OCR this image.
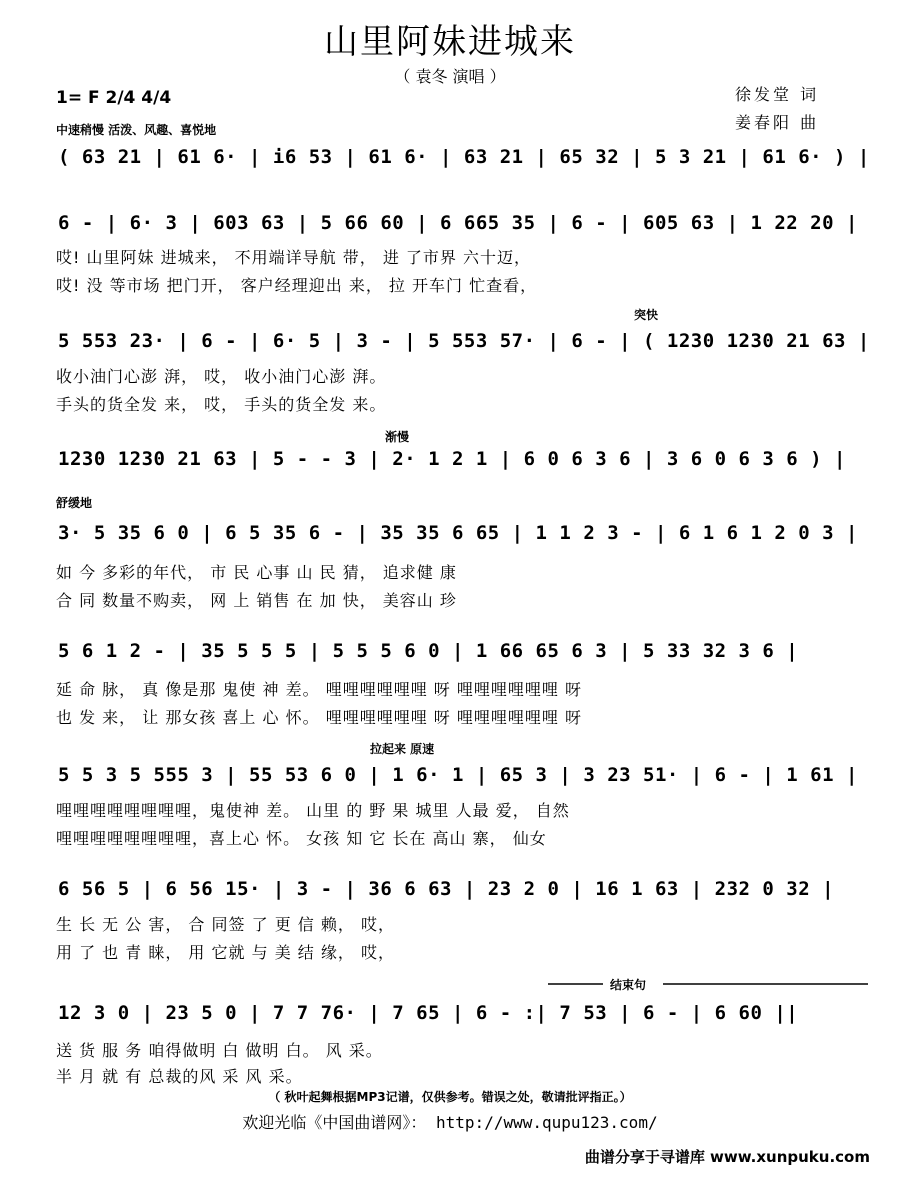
山里阿妹进城来
（ 袁冬 演唱 ）
徐发堂 词
姜春阳 曲
1= F 2/4 4/4
中速稍慢 活泼、风趣、喜悦地
( 63 21 | 61 6· | i6 53 | 61 6· | 63 21 | 65 32 | 5 3 21 | 61 6· ) |
6 - | 6· 3 | 603 63 | 5 66 60 | 6 665 35 | 6 - | 605 63 | 1 22 20 |
哎! 山里阿妹 进城来， 不用端详导航 带， 进 了市界 六十迈，
哎! 没 等市场 把门开， 客户经理迎出 来， 拉 开车门 忙查看，
突快
5 553 23· | 6 - | 6· 5 | 3 - | 5 553 57· | 6 - | ( 1230 1230 21 63 |
收小油门心澎 湃， 哎， 收小油门心澎 湃。
手头的货全发 来， 哎， 手头的货全发 来。
渐慢
1230 1230 21 63 | 5 - - 3 | 2· 1 2 1 | 6 0 6 3 6 | 3 6 0 6 3 6 ) |
舒缓地
3· 5 35 6 0 | 6 5 35 6 - | 35 35 6 65 | 1 1 2 3 - | 6 1 6 1 2 0 3 |
如 今 多彩的年代， 市 民 心事 山 民 猜， 追求健 康
合 同 数量不购卖， 网 上 销售 在 加 快， 美容山 珍
5 6 1 2 - | 35 5 5 5 | 5 5 5 6 0 | 1 66 65 6 3 | 5 33 32 3 6 |
延 命 脉， 真 像是那 鬼使 神 差。 哩哩哩哩哩哩 呀 哩哩哩哩哩哩 呀
也 发 来， 让 那女孩 喜上 心 怀。 哩哩哩哩哩哩 呀 哩哩哩哩哩哩 呀
拉起来 原速
5 5 3 5 555 3 | 55 53 6 0 | 1 6· 1 | 65 3 | 3 23 51· | 6 - | 1 61 |
哩哩哩哩哩哩哩哩，鬼使神 差。 山里 的 野 果 城里 人最 爱， 自然
哩哩哩哩哩哩哩哩，喜上心 怀。 女孩 知 它 长在 高山 寨， 仙女
6 56 5 | 6 56 15· | 3 - | 36 6 63 | 23 2 0 | 16 1 63 | 232 0 32 |
生 长 无 公 害， 合 同签 了 更 信 赖， 哎，
用 了 也 青 睐， 用 它就 与 美 结 缘， 哎，
结束句
12 3 0 | 23 5 0 | 7 7 76· | 7 65 | 6 - :| 7 53 | 6 - | 6 60 ||
送 货 服 务 咱得做明 白 做明 白。 风 采。
半 月 就 有 总裁的风 采 风 采。
（ 秋叶起舞根据MP3记谱，仅供参考。错误之处，敬请批评指正。）
欢迎光临《中国曲谱网》： http://www.qupu123.com/
曲谱分享于寻谱库 www.xunpuku.com
